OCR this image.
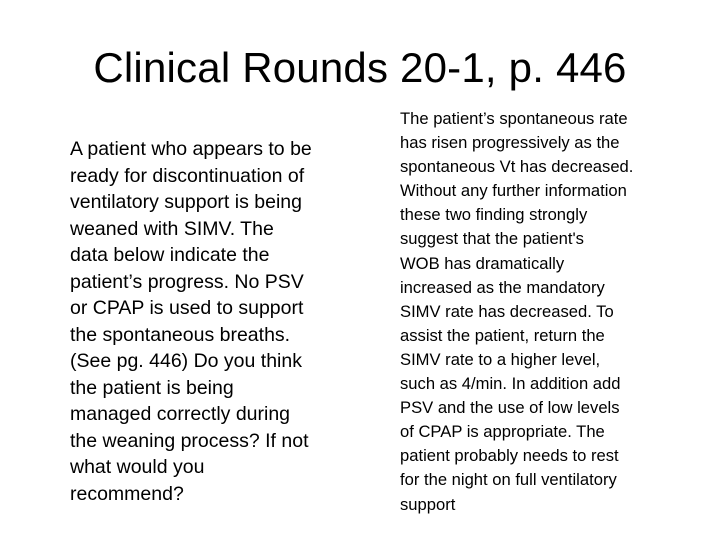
Clinical Rounds 20-1, p. 446
A patient who appears to be
ready for discontinuation of
ventilatory support is being
weaned with SIMV. The
data below indicate the
patient’s progress. No PSV
or CPAP is used to support
the spontaneous breaths.
(See pg. 446) Do you think
the patient is being
managed correctly during
the weaning process? If not
what would you
recommend?
The patient’s spontaneous rate
has risen progressively as the
spontaneous Vt has decreased.
Without any further information
these two finding strongly
suggest that the patient's
WOB has dramatically
increased as the mandatory
SIMV rate has decreased. To
assist the patient, return the
SIMV rate to a higher level,
such as 4/min. In addition add
PSV and the use of low levels
of CPAP is appropriate. The
patient probably needs to rest
for the night on full ventilatory
support
